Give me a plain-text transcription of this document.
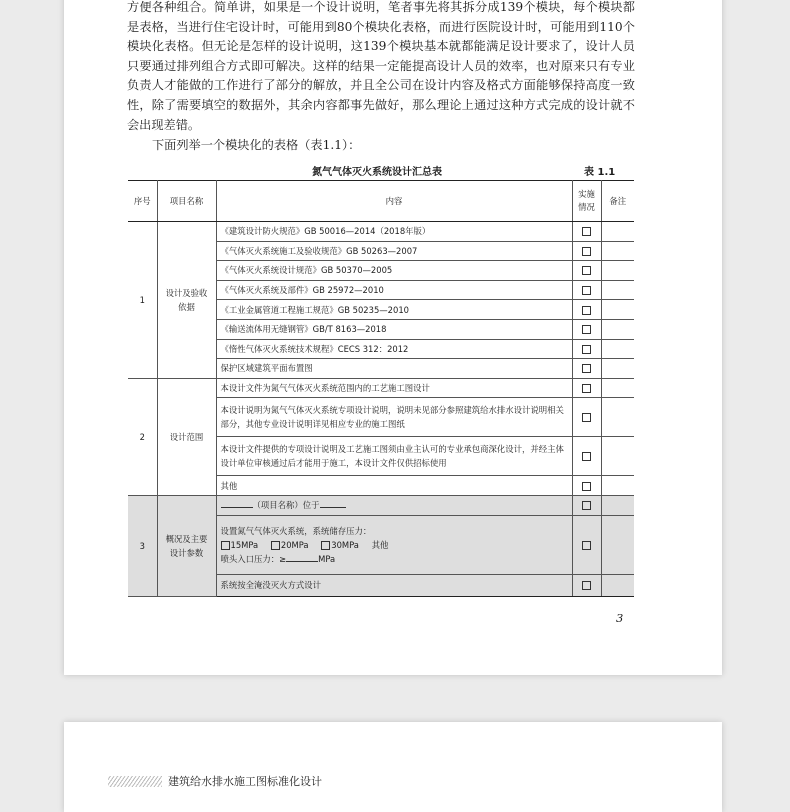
方便各种组合。简单讲，如果是一个设计说明，笔者事先将其拆分成139个模块，每个模块都是表格，当进行住宅设计时，可能用到80个模块化表格，而进行医院设计时，可能用到110个模块化表格。但无论是怎样的设计说明，这139个模块基本就都能满足设计要求了，设计人员只要通过排列组合方式即可解决。这样的结果一定能提高设计人员的效率，也对原来只有专业负责人才能做的工作进行了部分的解放，并且全公司在设计内容及格式方面能够保持高度一致性，除了需要填空的数据外，其余内容都事先做好，那么理论上通过这种方式完成的设计就不会出现差错。

下面列举一个模块化的表格（表1.1）：

氮气气体灭火系统设计汇总表	表 1.1
序号	项目名称	内容	实施情况	备注
1	设计及验收依据	《建筑设计防火规范》GB 50016—2014（2018年版）		
		《气体灭火系统施工及验收规范》GB 50263—2007		
		《气体灭火系统设计规范》GB 50370—2005		
		《气体灭火系统及部件》GB 25972—2010		
		《工业金属管道工程施工规范》GB 50235—2010		
		《输送流体用无缝钢管》GB/T 8163—2018		
		《惰性气体灭火系统技术规程》CECS 312：2012		
		保护区域建筑平面布置图		
2	设计范围	本设计文件为氮气气体灭火系统范围内的工艺施工图设计		
		本设计说明为氮气气体灭火系统专项设计说明，说明未见部分参照建筑给水排水设计说明相关部分，其他专业设计说明详见相应专业的施工图纸		
		本设计文件提供的专项设计说明及工艺施工图须由业主认可的专业承包商深化设计，并经主体设计单位审核通过后才能用于施工，本设计文件仅供招标使用		
		其他		
3	概况及主要设计参数	（项目名称）位于		

		设置氮气气体灭火系统，系统储存压力：
15MPa 20MPa 30MPa 其他
喷头入口压力：≥ MPa		

		系统按全淹没灭火方式设计		
3
建筑给水排水施工图标准化设计
